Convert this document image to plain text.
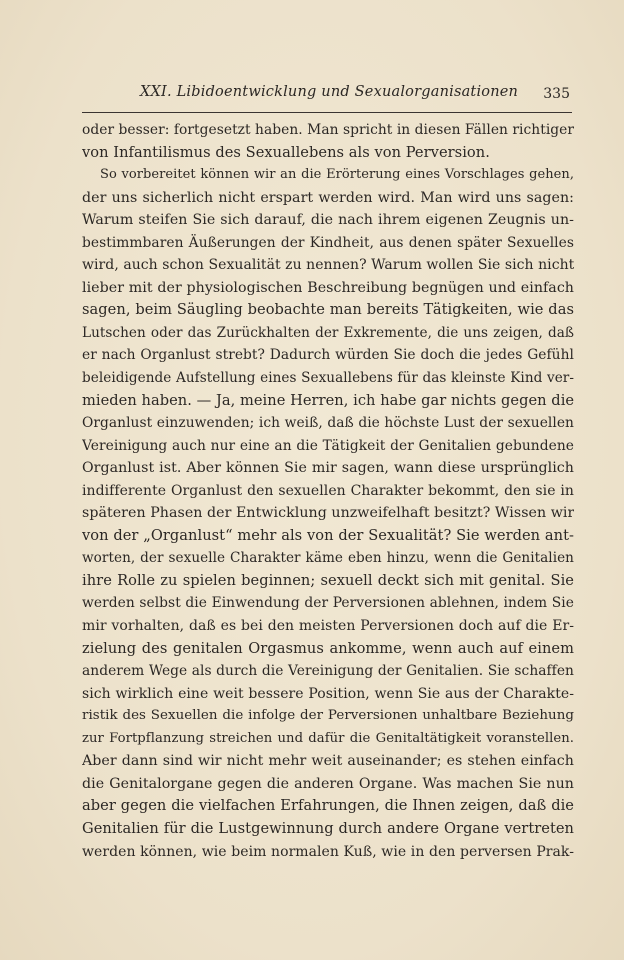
XXI. Libidoentwicklung und Sexualorganisationen 335
oder besser: fortgesetzt haben. Man spricht in diesen Fällen richtiger
von Infantilismus des Sexuallebens als von Perversion.
So vorbereitet können wir an die Erörterung eines Vorschlages gehen,
der uns sicherlich nicht erspart werden wird. Man wird uns sagen:
Warum steifen Sie sich darauf, die nach ihrem eigenen Zeugnis un-
bestimmbaren Äußerungen der Kindheit, aus denen später Sexuelles
wird, auch schon Sexualität zu nennen? Warum wollen Sie sich nicht
lieber mit der physiologischen Beschreibung begnügen und einfach
sagen, beim Säugling beobachte man bereits Tätigkeiten, wie das
Lutschen oder das Zurückhalten der Exkremente, die uns zeigen, daß
er nach Organlust strebt? Dadurch würden Sie doch die jedes Gefühl
beleidigende Aufstellung eines Sexuallebens für das kleinste Kind ver-
mieden haben. — Ja, meine Herren, ich habe gar nichts gegen die
Organlust einzuwenden; ich weiß, daß die höchste Lust der sexuellen
Vereinigung auch nur eine an die Tätigkeit der Genitalien gebundene
Organlust ist. Aber können Sie mir sagen, wann diese ursprünglich
indifferente Organlust den sexuellen Charakter bekommt, den sie in
späteren Phasen der Entwicklung unzweifelhaft besitzt? Wissen wir
von der „Organlust“ mehr als von der Sexualität? Sie werden ant-
worten, der sexuelle Charakter käme eben hinzu, wenn die Genitalien
ihre Rolle zu spielen beginnen; sexuell deckt sich mit genital. Sie
werden selbst die Einwendung der Perversionen ablehnen, indem Sie
mir vorhalten, daß es bei den meisten Perversionen doch auf die Er-
zielung des genitalen Orgasmus ankomme, wenn auch auf einem
anderem Wege als durch die Vereinigung der Genitalien. Sie schaffen
sich wirklich eine weit bessere Position, wenn Sie aus der Charakte-
ristik des Sexuellen die infolge der Perversionen unhaltbare Beziehung
zur Fortpflanzung streichen und dafür die Genitaltätigkeit voranstellen.
Aber dann sind wir nicht mehr weit auseinander; es stehen einfach
die Genitalorgane gegen die anderen Organe. Was machen Sie nun
aber gegen die vielfachen Erfahrungen, die Ihnen zeigen, daß die
Genitalien für die Lustgewinnung durch andere Organe vertreten
werden können, wie beim normalen Kuß, wie in den perversen Prak-
